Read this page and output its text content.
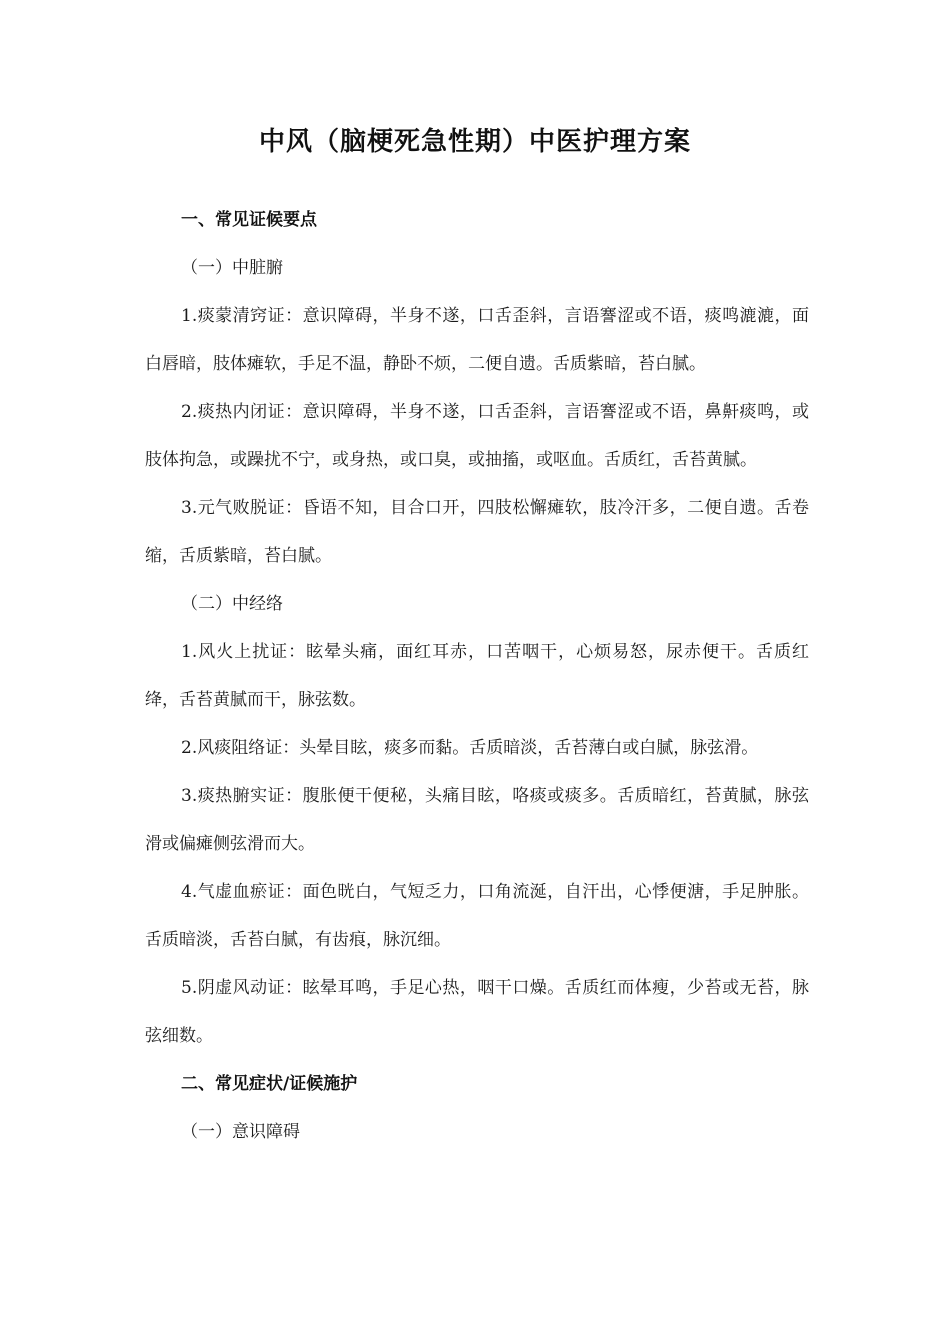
中风（脑梗死急性期）中医护理方案

一、常见证候要点

（一）中脏腑

1.痰蒙清窍证：意识障碍，半身不遂，口舌歪斜，言语謇涩或不语，痰鸣漉漉，面白唇暗，肢体瘫软，手足不温，静卧不烦，二便自遗。舌质紫暗，苔白腻。

2.痰热内闭证：意识障碍，半身不遂，口舌歪斜，言语謇涩或不语，鼻鼾痰鸣，或肢体拘急，或躁扰不宁，或身热，或口臭，或抽搐，或呕血。舌质红，舌苔黄腻。

3.元气败脱证：昏语不知，目合口开，四肢松懈瘫软，肢冷汗多，二便自遗。舌卷缩，舌质紫暗，苔白腻。

（二）中经络

1.风火上扰证：眩晕头痛，面红耳赤，口苦咽干，心烦易怒，尿赤便干。舌质红绛，舌苔黄腻而干，脉弦数。

2.风痰阻络证：头晕目眩，痰多而黏。舌质暗淡，舌苔薄白或白腻，脉弦滑。

3.痰热腑实证：腹胀便干便秘，头痛目眩，咯痰或痰多。舌质暗红，苔黄腻，脉弦滑或偏瘫侧弦滑而大。

4.气虚血瘀证：面色晄白，气短乏力，口角流涎，自汗出，心悸便溏，手足肿胀。舌质暗淡，舌苔白腻，有齿痕，脉沉细。

5.阴虚风动证：眩晕耳鸣，手足心热，咽干口燥。舌质红而体瘦，少苔或无苔，脉弦细数。

二、常见症状/证候施护

（一）意识障碍
